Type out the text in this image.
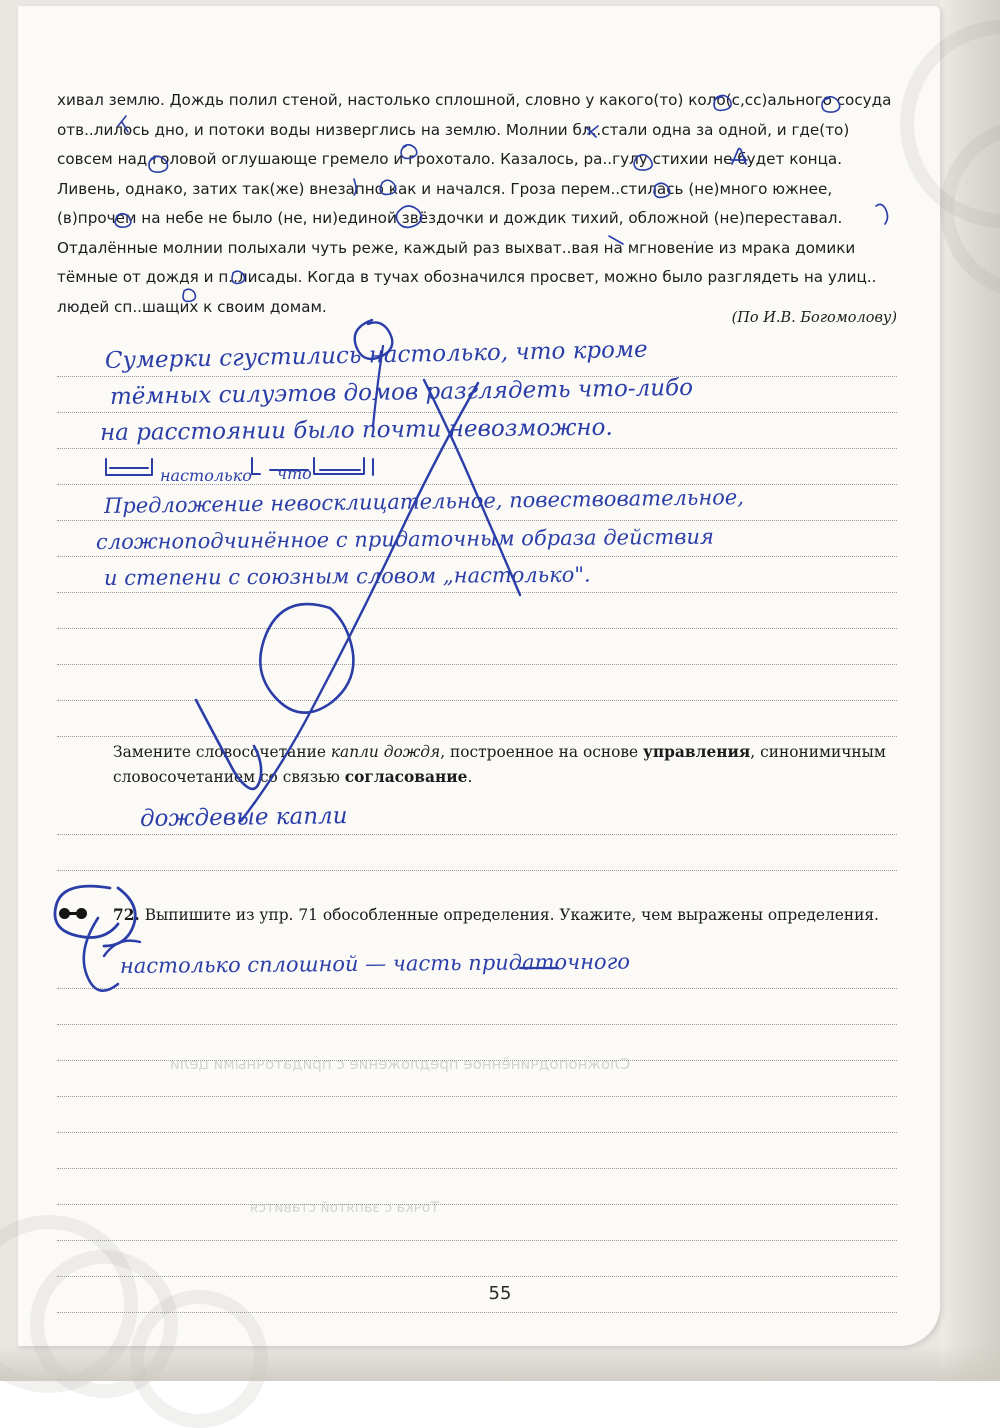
Сложноподчинённое предложение с придаточными цели
Точка с запятой ставится
хивал землю. Дождь полил стеной, настолько сплошной, словно у какого(то) коло(с,сс)ального сосуда отв..лилось дно, и потоки воды низверглись на землю. Молнии бл..стали одна за одной, и где(то) совсем над головой оглушающе гремело и грохотало. Казалось, ра..гулу стихии не будет конца. Ливень, однако, затих так(же) внезапно как и начался. Гроза перем..стилась (не)много южнее, (в)прочем на небе не было (не, ни)единой звёздочки и дождик тихий, обложной (не)переставал. Отдалённые молнии полыхали чуть реже, каждый раз выхват..вая на мгновение из мрака домики тёмные от дождя и п..лисады. Когда в тучах обозначился просвет, можно было разглядеть на улиц.. людей сп..шащих к своим домам.
(По И.В. Богомолову)
Замените словосочетание капли дождя, построенное на основе управления, синонимичным словосочетанием со связью согласование.
72. Выпишите из упр. 71 обособленные определения. Укажите, чем выражены определения.
Сумерки сгустились настолько, что кроме
тёмных силуэтов домов разглядеть что-либо
на расстоянии было почти невозможно.
настолько что
Предложение невосклицательное, повествовательное,
сложноподчинённое с придаточным образа действия
и степени с союзным словом „настолько".
дождевые капли
настолько сплошной — часть придаточного
55
